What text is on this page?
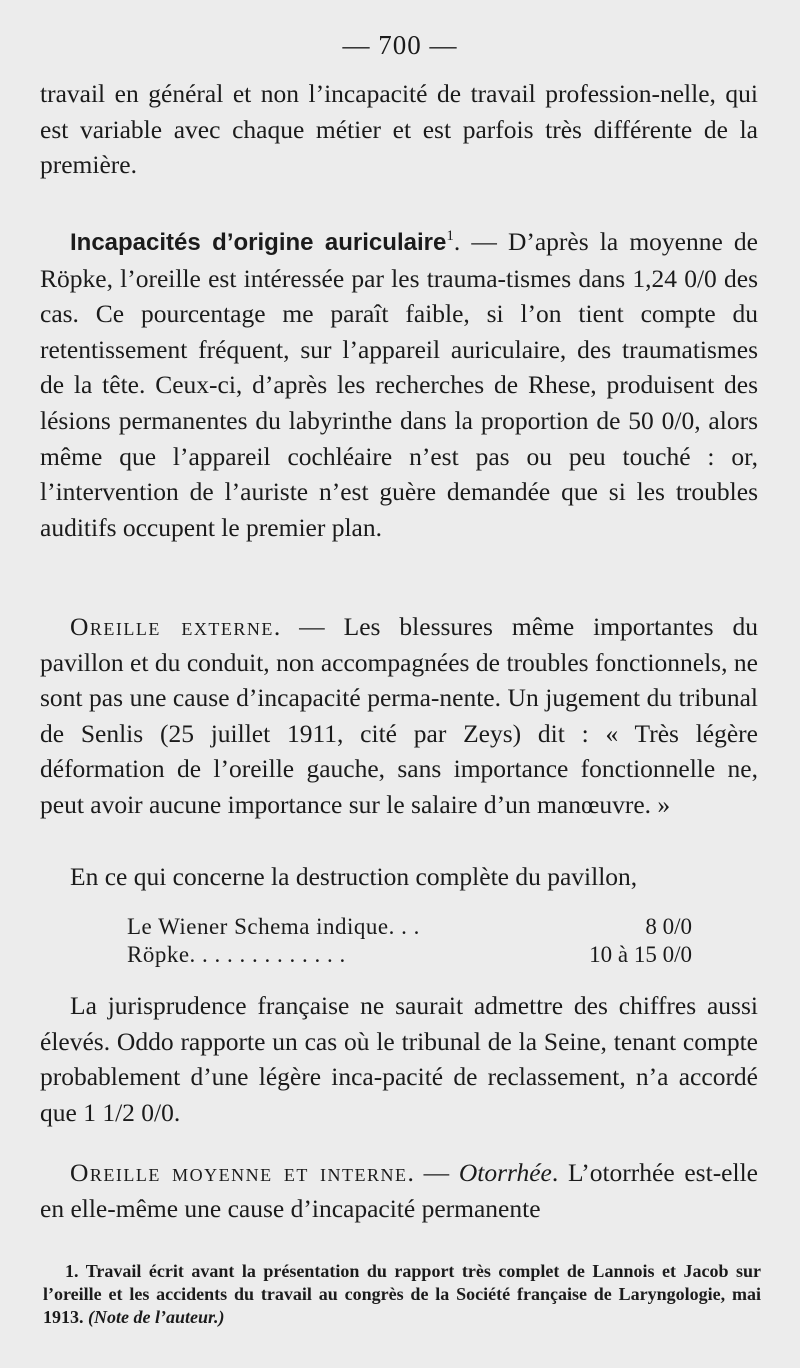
— 700 —

travail en général et non l’incapacité de travail profession-nelle, qui est variable avec chaque métier et est parfois très différente de la première.

Incapacités d’origine auriculaire$^1$. — D’après la moyenne de Röpke, l’oreille est intéressée par les trauma-tismes dans 1,24 0/0 des cas. Ce pourcentage me paraît faible, si l’on tient compte du retentissement fréquent, sur l’appareil auriculaire, des traumatismes de la tête. Ceux-ci, d’après les recherches de Rhese, produisent des lésions permanentes du labyrinthe dans la proportion de 50 0/0, alors même que l’appareil cochléaire n’est pas ou peu touché : or, l’intervention de l’auriste n’est guère demandée que si les troubles auditifs occupent le premier plan.

Oreille externe. — Les blessures même importantes du pavillon et du conduit, non accompagnées de troubles fonctionnels, ne sont pas une cause d’incapacité perma-nente. Un jugement du tribunal de Senlis (25 juillet 1911, cité par Zeys) dit : « Très légère déformation de l’oreille gauche, sans importance fonctionnelle ne, peut avoir aucune importance sur le salaire d’un manœuvre. »

En ce qui concerne la destruction complète du pavillon,

Le Wiener Schema indique. . .	8 0/0
Röpke. . . . . . . . . . . . .	10 à 15 0/0

La jurisprudence française ne saurait admettre des chiffres aussi élevés. Oddo rapporte un cas où le tribunal de la Seine, tenant compte probablement d’une légère inca-pacité de reclassement, n’a accordé que 1 1/2 0/0.

Oreille moyenne et interne. — Otorrhée. L’otorrhée est-elle en elle-même une cause d’incapacité permanente

1. Travail écrit avant la présentation du rapport très complet de Lannois et Jacob sur l’oreille et les accidents du travail au congrès de la Société française de Laryngologie, mai 1913. (Note de l’auteur.)
